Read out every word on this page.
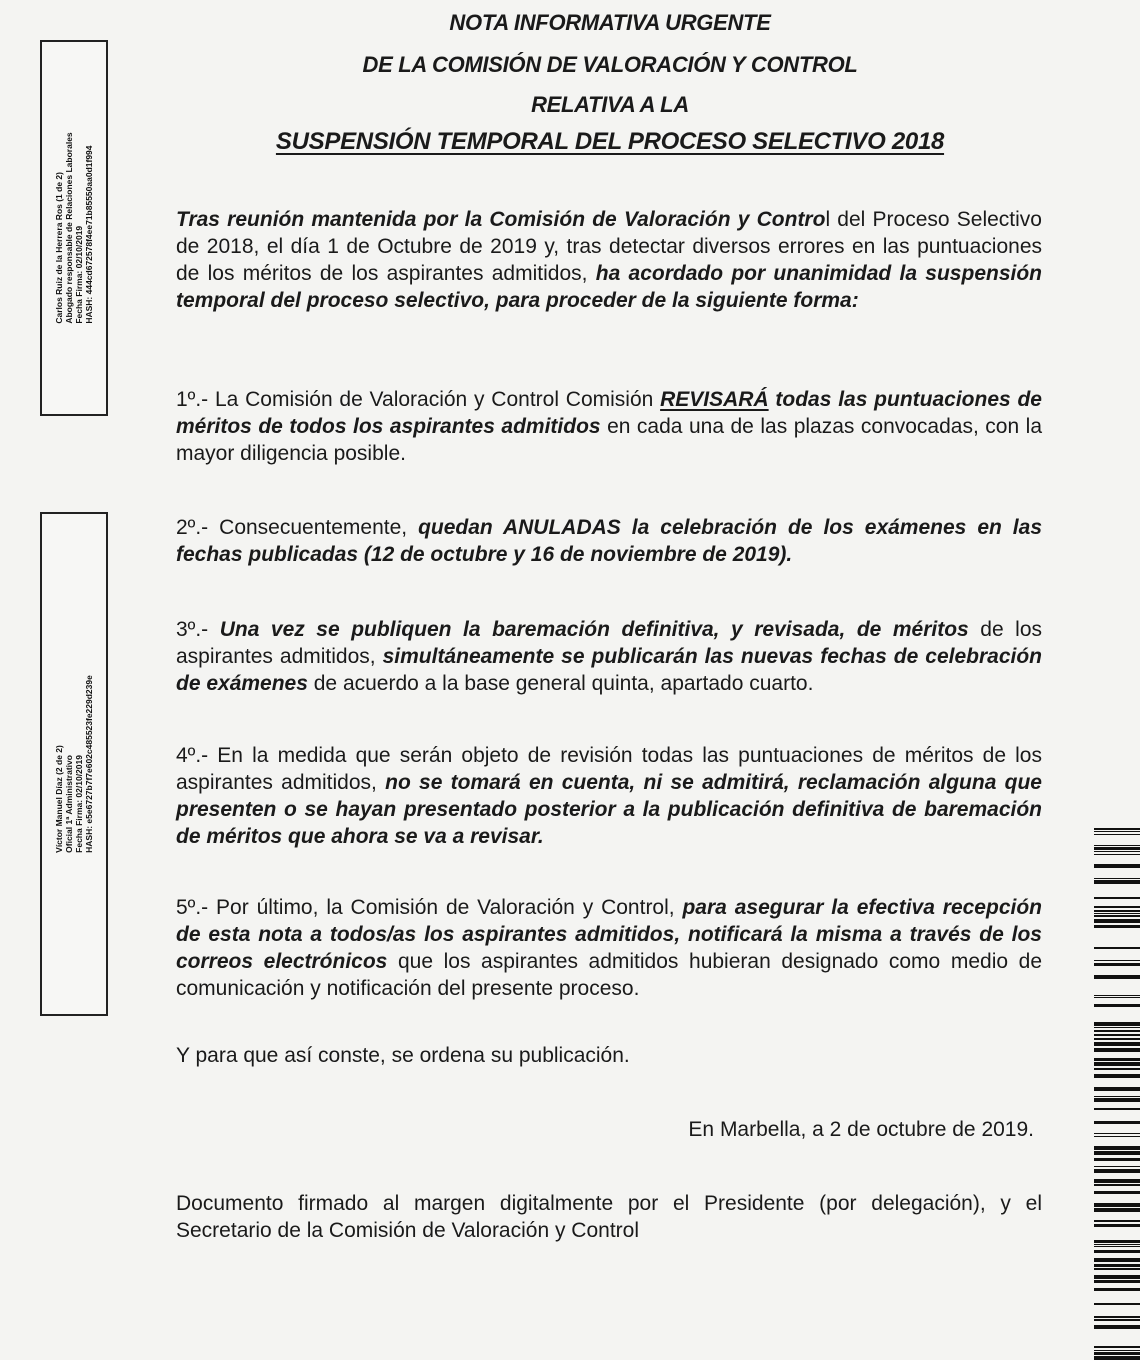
NOTA INFORMATIVA URGENTE
DE LA COMISIÓN DE VALORACIÓN Y CONTROL
RELATIVA A LA
SUSPENSIÓN TEMPORAL DEL PROCESO SELECTIVO 2018
Tras reunión mantenida por la Comisión de Valoración y Control del Proceso Selectivo de 2018, el día 1 de Octubre de 2019 y, tras detectar diversos errores en las puntuaciones de los méritos de los aspirantes admitidos, ha acordado por unanimidad la suspensión temporal del proceso selectivo, para proceder de la siguiente forma:
1º.- La Comisión de Valoración y Control Comisión REVISARÁ todas las puntuaciones de méritos de todos los aspirantes admitidos en cada una de las plazas convocadas, con la mayor diligencia posible.
2º.- Consecuentemente, quedan ANULADAS la celebración de los exámenes en las fechas publicadas (12 de octubre y 16 de noviembre de 2019).
3º.- Una vez se publiquen la baremación definitiva, y revisada, de méritos de los aspirantes admitidos, simultáneamente se publicarán las nuevas fechas de celebración de exámenes de acuerdo a la base general quinta, apartado cuarto.
4º.- En la medida que serán objeto de revisión todas las puntuaciones de méritos de los aspirantes admitidos, no se tomará en cuenta, ni se admitirá, reclamación alguna que presenten o se hayan presentado posterior a la publicación definitiva de baremación de méritos que ahora se va a revisar.
5º.- Por último, la Comisión de Valoración y Control, para asegurar la efectiva recepción de esta nota a todos/as los aspirantes admitidos, notificará la misma a través de los correos electrónicos que los aspirantes admitidos hubieran designado como medio de comunicación y notificación del presente proceso.
Y para que así conste, se ordena su publicación.
En Marbella, a 2 de octubre de 2019.
Documento firmado al margen digitalmente por el Presidente (por delegación), y el Secretario de la Comisión de Valoración y Control
Carlos Ruiz de la Herrera Ros (1 de 2) Abogado responsable de Relaciones Laborales Fecha Firma: 02/10/2019 HASH: 444cd672578f4ee71b85550aa0d1f994
Víctor Manuel Díaz (2 de 2) Oficial 1ª Administrativo Fecha Firma: 02/10/2019 HASH: e5e6727b7f7e602c485523fe229d239e
